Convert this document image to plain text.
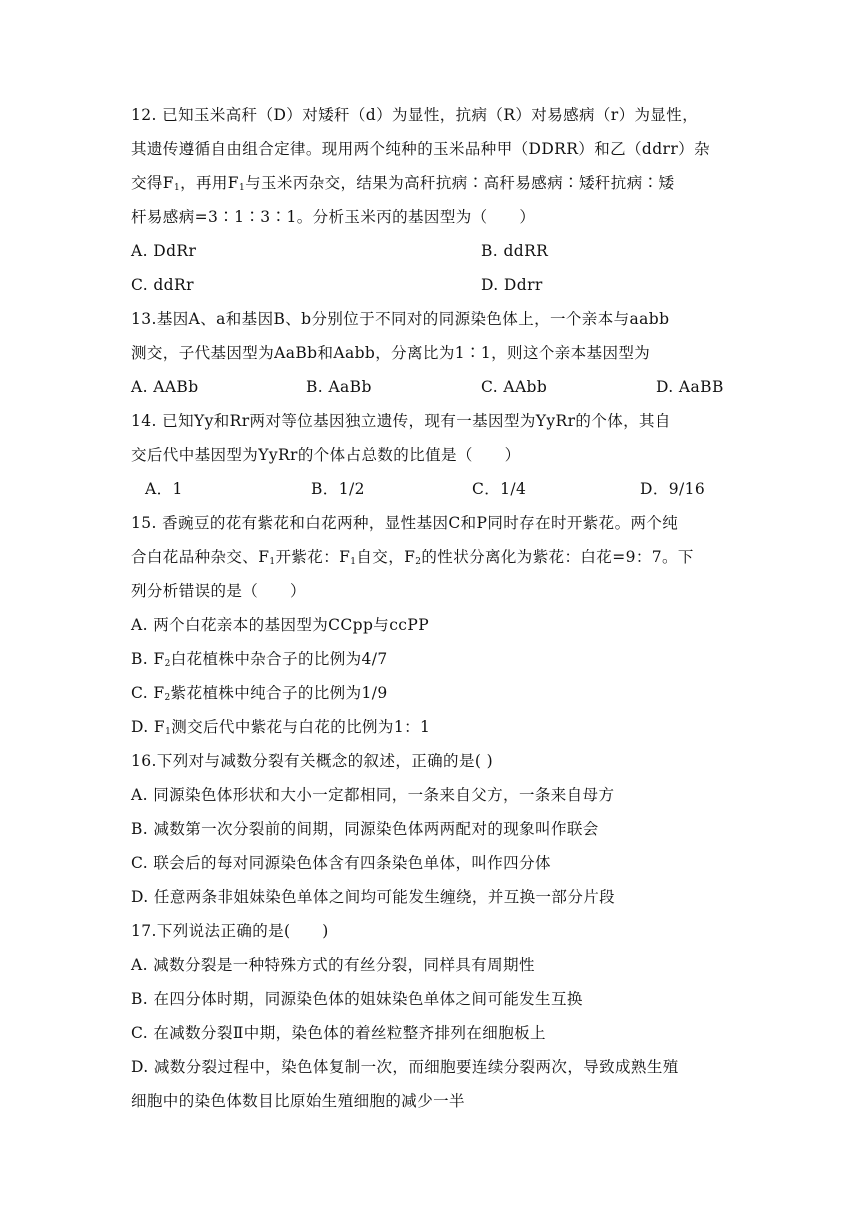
12. 已知玉米高秆（D）对矮秆（d）为显性，抗病（R）对易感病（r）为显性，
其遗传遵循自由组合定律。现用两个纯种的玉米品种甲（DDRR）和乙（ddrr）杂
交得$F_1$，再用$F_1$与玉米丙杂交，结果为高秆抗病∶高秆易感病∶矮秆抗病∶矮
杆易感病=3∶1∶3∶1。分析玉米丙的基因型为（　　）
A. DdRr	B. ddRR
C. ddRr	D. Ddrr
13.基因A、a和基因B、b分别位于不同对的同源染色体上，一个亲本与aabb
测交，子代基因型为AaBb和Aabb，分离比为1∶1，则这个亲本基因型为
A. AABb	B. AaBb	C. AAbb	D. AaBB
14. 已知Yy和Rr两对等位基因独立遗传，现有一基因型为YyRr的个体，其自
交后代中基因型为YyRr的个体占总数的比值是（　　）
A．1	B．1/2	C．1/4	D．9/16
15. 香豌豆的花有紫花和白花两种，显性基因C和P同时存在时开紫花。两个纯
合白花品种杂交、$F_1$开紫花：$F_1$自交，$F_2$的性状分离化为紫花：白花=9：7。下
列分析错误的是（　　）
A. 两个白花亲本的基因型为CCpp与ccPP
B. $F_2$白花植株中杂合子的比例为4/7
C. $F_2$紫花植株中纯合子的比例为1/9
D. $F_1$测交后代中紫花与白花的比例为1：1
16.下列对与减数分裂有关概念的叙述，正确的是( )
A. 同源染色体形状和大小一定都相同，一条来自父方，一条来自母方
B. 减数第一次分裂前的间期，同源染色体两两配对的现象叫作联会
C. 联会后的每对同源染色体含有四条染色单体，叫作四分体
D. 任意两条非姐妹染色单体之间均可能发生缠绕，并互换一部分片段
17.下列说法正确的是(　　)
A. 减数分裂是一种特殊方式的有丝分裂，同样具有周期性
B. 在四分体时期，同源染色体的姐妹染色单体之间可能发生互换
C. 在减数分裂Ⅱ中期，染色体的着丝粒整齐排列在细胞板上
D. 减数分裂过程中，染色体复制一次，而细胞要连续分裂两次，导致成熟生殖
细胞中的染色体数目比原始生殖细胞的减少一半
